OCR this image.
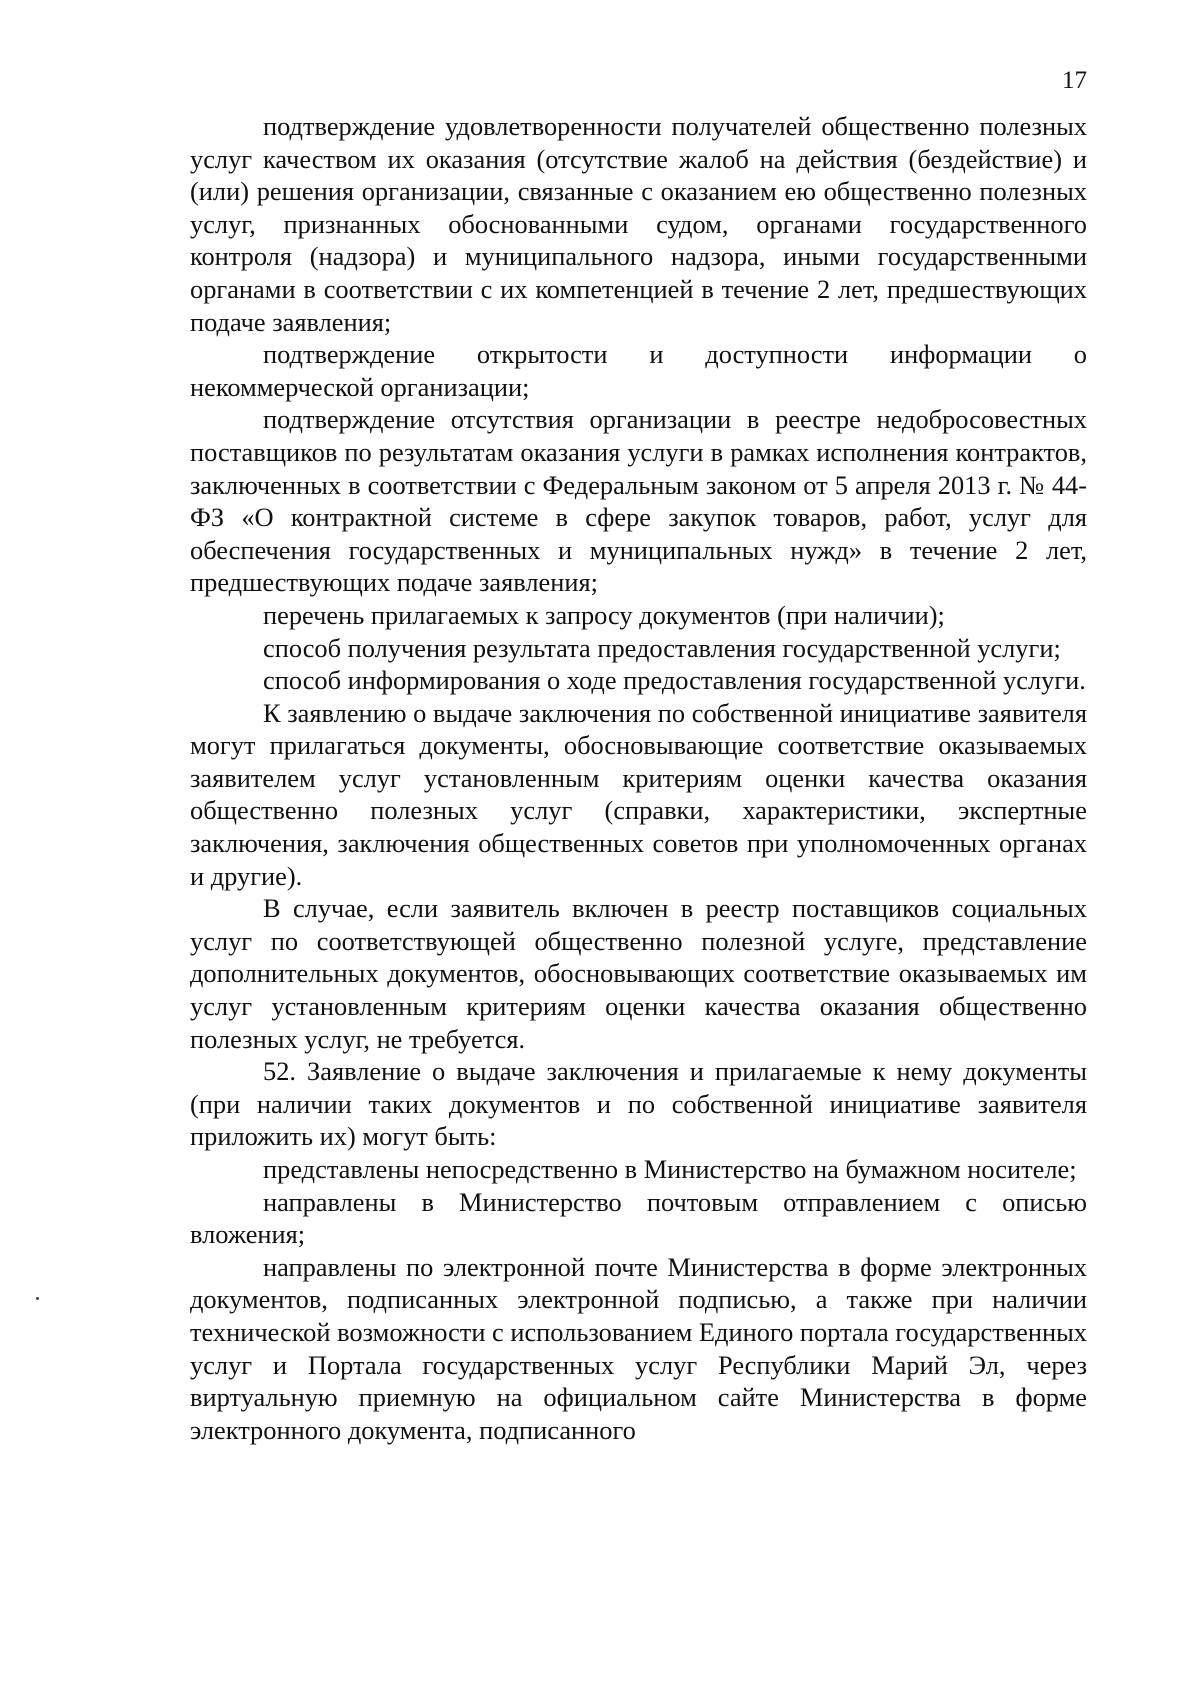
17

подтверждение удовлетворенности получателей общественно полезных услуг качеством их оказания (отсутствие жалоб на действия (бездействие) и (или) решения организации, связанные с оказанием ею общественно полезных услуг, признанных обоснованными судом, органами государственного контроля (надзора) и муниципального надзора, иными государственными органами в соответствии с их компетенцией в течение 2 лет, предшествующих подаче заявления;

подтверждение открытости и доступности информации о некоммерческой организации;

подтверждение отсутствия организации в реестре недобросовестных поставщиков по результатам оказания услуги в рамках исполнения контрактов, заключенных в соответствии с Федеральным законом от 5 апреля 2013 г. № 44-ФЗ «О контрактной системе в сфере закупок товаров, работ, услуг для обеспечения государственных и муниципальных нужд» в течение 2 лет, предшествующих подаче заявления;

перечень прилагаемых к запросу документов (при наличии);

способ получения результата предоставления государственной услуги;

способ информирования о ходе предоставления государственной услуги.

К заявлению о выдаче заключения по собственной инициативе заявителя могут прилагаться документы, обосновывающие соответствие оказываемых заявителем услуг установленным критериям оценки качества оказания общественно полезных услуг (справки, характеристики, экспертные заключения, заключения общественных советов при уполномоченных органах и другие).

В случае, если заявитель включен в реестр поставщиков социальных услуг по соответствующей общественно полезной услуге, представление дополнительных документов, обосновывающих соответствие оказываемых им услуг установленным критериям оценки качества оказания общественно полезных услуг, не требуется.

52. Заявление о выдаче заключения и прилагаемые к нему документы (при наличии таких документов и по собственной инициативе заявителя приложить их) могут быть:

представлены непосредственно в Министерство на бумажном носителе;

направлены в Министерство почтовым отправлением с описью вложения;

направлены по электронной почте Министерства в форме электронных документов, подписанных электронной подписью, а также при наличии технической возможности с использованием Единого портала государственных услуг и Портала государственных услуг Республики Марий Эл, через виртуальную приемную на официальном сайте Министерства в форме электронного документа, подписанного
